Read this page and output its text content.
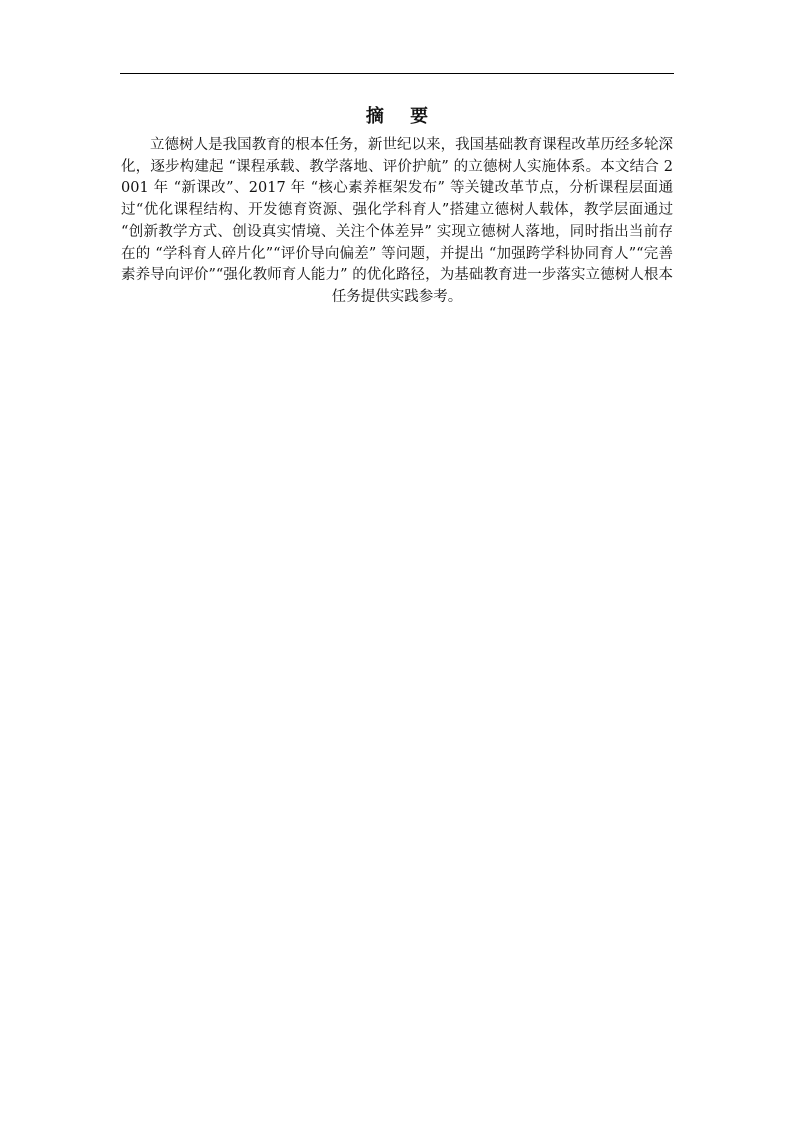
摘 要

立德树人是我国教育的根本任务，新世纪以来，我国基础教育课程改革历经多轮深化，逐步构建起 “课程承载、教学落地、评价护航” 的立德树人实施体系。本文结合 2001 年 “新课改”、2017 年 “核心素养框架发布” 等关键改革节点，分析课程层面通过“优化课程结构、开发德育资源、强化学科育人”搭建立德树人载体，教学层面通过 “创新教学方式、创设真实情境、关注个体差异” 实现立德树人落地，同时指出当前存在的 “学科育人碎片化”“评价导向偏差” 等问题，并提出 “加强跨学科协同育人”“完善素养导向评价”“强化教师育人能力” 的优化路径，为基础教育进一步落实立德树人根本任务提供实践参考。
